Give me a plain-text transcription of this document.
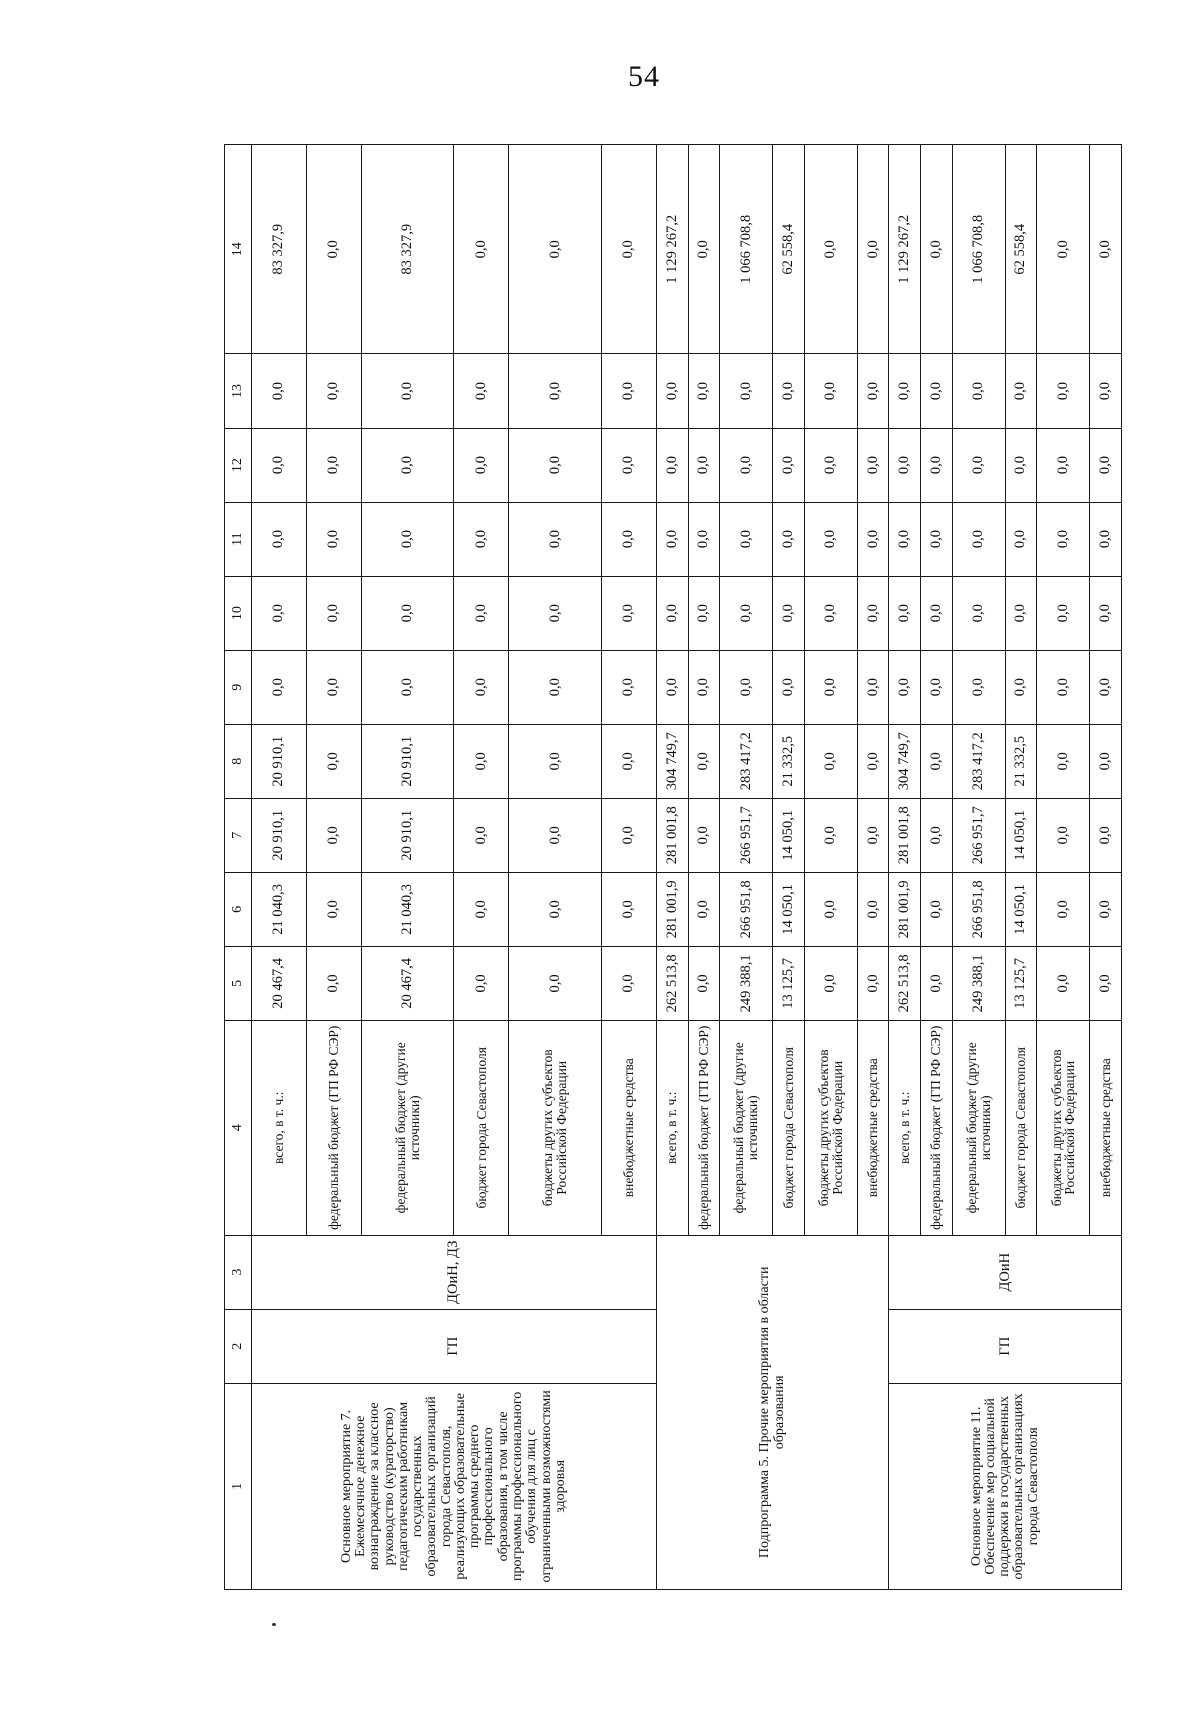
54
1	2	3	4	5	6	7	8	9	10	11	12	13	14
Основное мероприятие 7. Ежемесячное денежное вознаграждение за классное руководство (кураторство) педагогическим работникам государственных образовательных организаций города Севастополя, реализующих образовательные программы среднего профессионального образования, в том числе программы профессионального обучения для лиц с ограниченными возможностями здоровья	ГП	ДОиН, ДЗ	всего, в т. ч.:	20 467,4	21 040,3	20 910,1	20 910,1	0,0	0,0	0,0	0,0	0,0	83 327,9
			федеральный бюджет (ГП РФ СЭР)	0,0	0,0	0,0	0,0	0,0	0,0	0,0	0,0	0,0	0,0
			федеральный бюджет (другие источники)	20 467,4	21 040,3	20 910,1	20 910,1	0,0	0,0	0,0	0,0	0,0	83 327,9
			бюджет города Севастополя	0,0	0,0	0,0	0,0	0,0	0,0	0,0	0,0	0,0	0,0
			бюджеты других субъектов Российской Федерации	0,0	0,0	0,0	0,0	0,0	0,0	0,0	0,0	0,0	0,0
			внебюджетные средства	0,0	0,0	0,0	0,0	0,0	0,0	0,0	0,0	0,0	0,0
Подпрограмма 5. Прочие мероприятия в области образования			всего, в т. ч.:	262 513,8	281 001,9	281 001,8	304 749,7	0,0	0,0	0,0	0,0	0,0	1 129 267,2
			федеральный бюджет (ГП РФ СЭР)	0,0	0,0	0,0	0,0	0,0	0,0	0,0	0,0	0,0	0,0
			федеральный бюджет (другие источники)	249 388,1	266 951,8	266 951,7	283 417,2	0,0	0,0	0,0	0,0	0,0	1 066 708,8
			бюджет города Севастополя	13 125,7	14 050,1	14 050,1	21 332,5	0,0	0,0	0,0	0,0	0,0	62 558,4
			бюджеты других субъектов Российской Федерации	0,0	0,0	0,0	0,0	0,0	0,0	0,0	0,0	0,0	0,0
			внебюджетные средства	0,0	0,0	0,0	0,0	0,0	0,0	0,0	0,0	0,0	0,0
Основное мероприятие 11. Обеспечение мер социальной поддержки в государственных образовательных организациях города Севастополя	ГП	ДОиН	всего, в т. ч.:	262 513,8	281 001,9	281 001,8	304 749,7	0,0	0,0	0,0	0,0	0,0	1 129 267,2
			федеральный бюджет (ГП РФ СЭР)	0,0	0,0	0,0	0,0	0,0	0,0	0,0	0,0	0,0	0,0
			федеральный бюджет (другие источники)	249 388,1	266 951,8	266 951,7	283 417,2	0,0	0,0	0,0	0,0	0,0	1 066 708,8
			бюджет города Севастополя	13 125,7	14 050,1	14 050,1	21 332,5	0,0	0,0	0,0	0,0	0,0	62 558,4
			бюджеты других субъектов Российской Федерации	0,0	0,0	0,0	0,0	0,0	0,0	0,0	0,0	0,0	0,0
			внебюджетные средства	0,0	0,0	0,0	0,0	0,0	0,0	0,0	0,0	0,0	0,0
